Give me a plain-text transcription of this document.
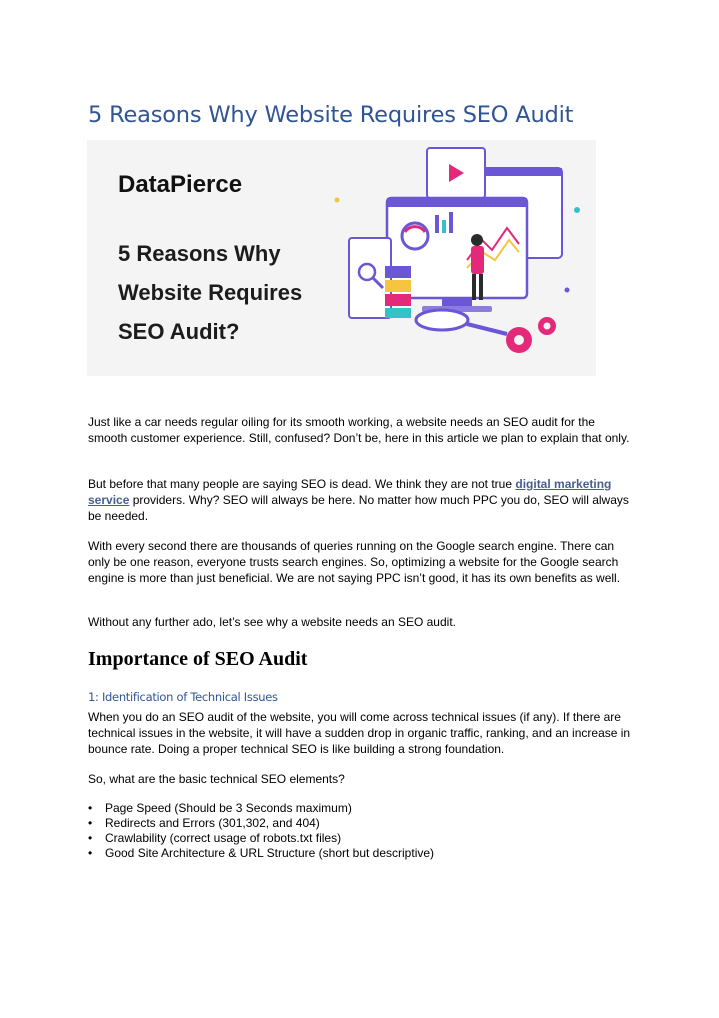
5 Reasons Why Website Requires SEO Audit
DataPierce
5 Reasons Why
Website Requires
SEO Audit?

Just like a car needs regular oiling for its smooth working, a website needs an SEO audit for the smooth customer experience. Still, confused? Don’t be, here in this article we plan to explain that only.

But before that many people are saying SEO is dead. We think they are not true digital marketing service providers. Why? SEO will always be here. No matter how much PPC you do, SEO will always be needed.

With every second there are thousands of queries running on the Google search engine. There can only be one reason, everyone trusts search engines. So, optimizing a website for the Google search engine is more than just beneficial. We are not saying PPC isn’t good, it has its own benefits as well.

Without any further ado, let’s see why a website needs an SEO audit.

Importance of SEO Audit
1: Identification of Technical Issues

When you do an SEO audit of the website, you will come across technical issues (if any). If there are technical issues in the website, it will have a sudden drop in organic traffic, ranking, and an increase in bounce rate. Doing a proper technical SEO is like building a strong foundation.

So, what are the basic technical SEO elements?

• Page Speed (Should be 3 Seconds maximum)
• Redirects and Errors (301,302, and 404)
• Crawlability (correct usage of robots.txt files)
• Good Site Architecture & URL Structure (short but descriptive)
